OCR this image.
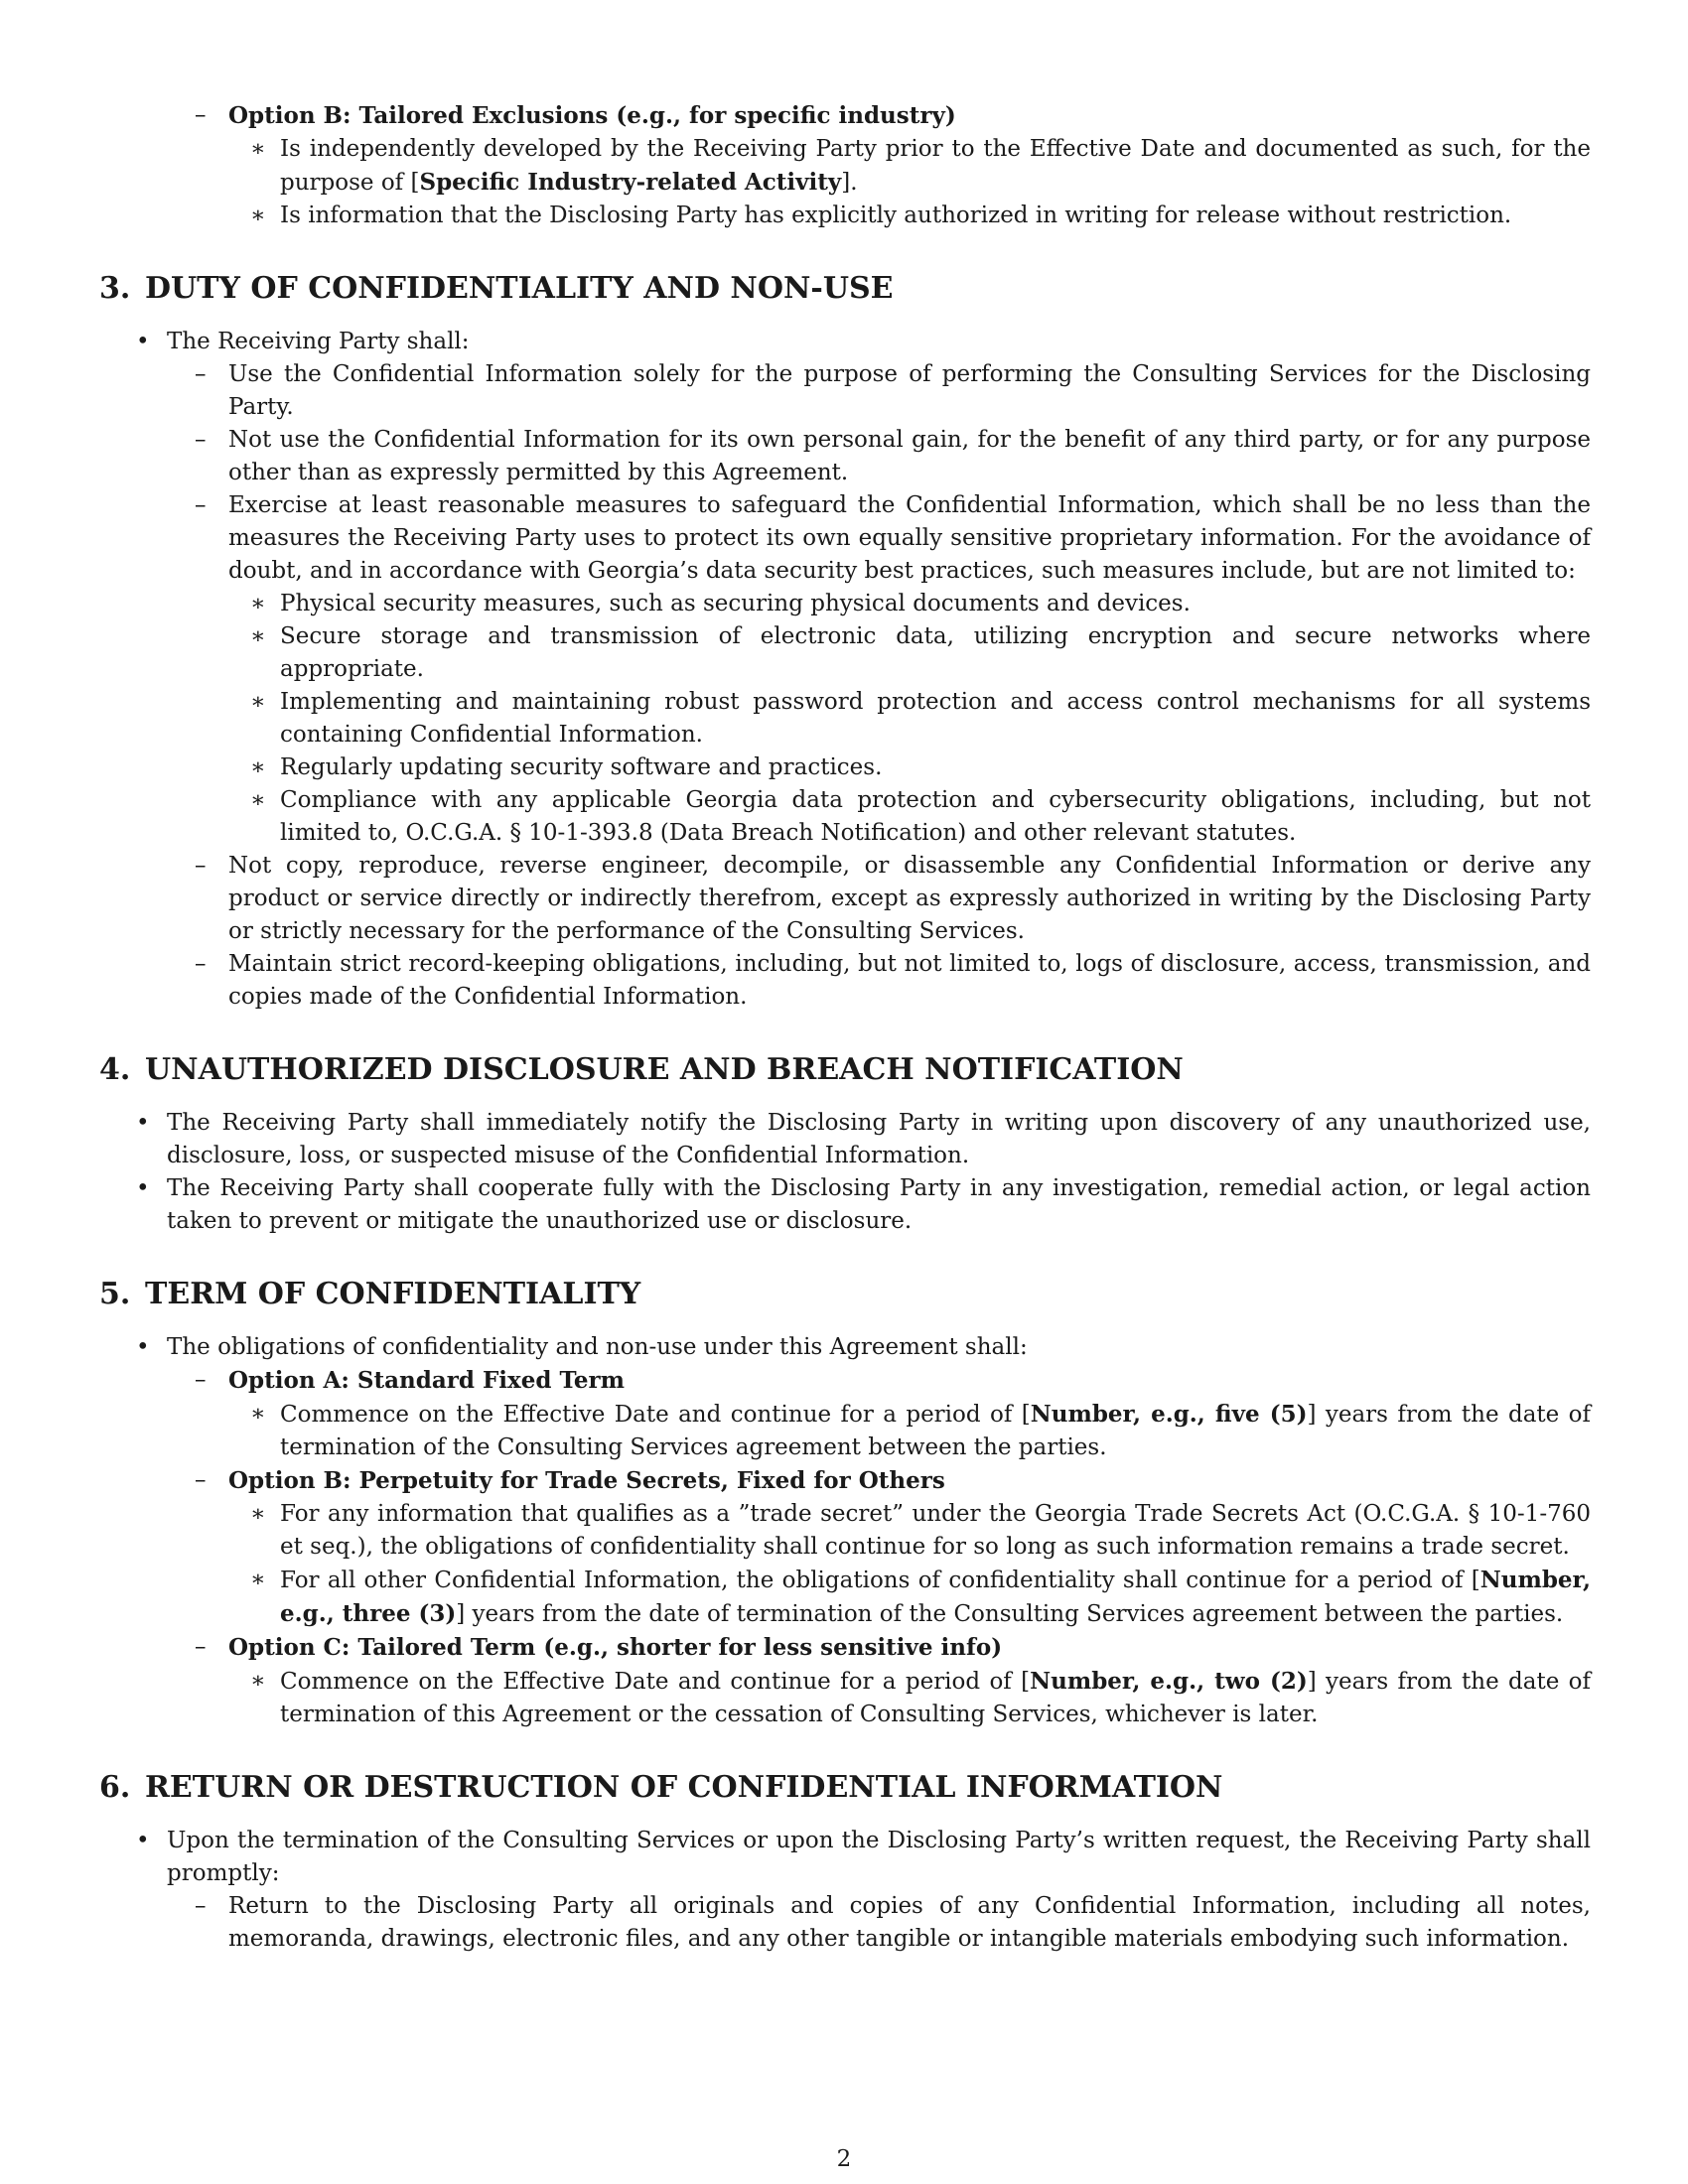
– Option B: Tailored Exclusions (e.g., for specific industry)
∗ Is independently developed by the Receiving Party prior to the Effective Date and documented as such, for the purpose of [Specific Industry-related Activity].
∗ Is information that the Disclosing Party has explicitly authorized in writing for release without restriction.
3. DUTY OF CONFIDENTIALITY AND NON-USE
• The Receiving Party shall:
– Use the Confidential Information solely for the purpose of performing the Consulting Services for the Disclosing Party.
– Not use the Confidential Information for its own personal gain, for the benefit of any third party, or for any purpose other than as expressly permitted by this Agreement.
– Exercise at least reasonable measures to safeguard the Confidential Information, which shall be no less than the measures the Receiving Party uses to protect its own equally sensitive proprietary information. For the avoidance of doubt, and in accordance with Georgia’s data security best practices, such measures include, but are not limited to:
∗ Physical security measures, such as securing physical documents and devices.
∗ Secure storage and transmission of electronic data, utilizing encryption and secure networks where appropriate.
∗ Implementing and maintaining robust password protection and access control mechanisms for all systems containing Confidential Information.
∗ Regularly updating security software and practices.
∗ Compliance with any applicable Georgia data protection and cybersecurity obligations, including, but not limited to, O.C.G.A. § 10-1-393.8 (Data Breach Notification) and other relevant statutes.
– Not copy, reproduce, reverse engineer, decompile, or disassemble any Confidential Information or derive any product or service directly or indirectly therefrom, except as expressly authorized in writing by the Disclosing Party or strictly necessary for the performance of the Consulting Services.
– Maintain strict record-keeping obligations, including, but not limited to, logs of disclosure, access, transmission, and copies made of the Confidential Information.
4. UNAUTHORIZED DISCLOSURE AND BREACH NOTIFICATION
• The Receiving Party shall immediately notify the Disclosing Party in writing upon discovery of any unauthorized use, disclosure, loss, or suspected misuse of the Confidential Information.
• The Receiving Party shall cooperate fully with the Disclosing Party in any investigation, remedial action, or legal action taken to prevent or mitigate the unauthorized use or disclosure.
5. TERM OF CONFIDENTIALITY
• The obligations of confidentiality and non-use under this Agreement shall:
– Option A: Standard Fixed Term
∗ Commence on the Effective Date and continue for a period of [Number, e.g., five (5)] years from the date of termination of the Consulting Services agreement between the parties.
– Option B: Perpetuity for Trade Secrets, Fixed for Others
∗ For any information that qualifies as a ”trade secret” under the Georgia Trade Secrets Act (O.C.G.A. § 10-1-760 et seq.), the obligations of confidentiality shall continue for so long as such information remains a trade secret.
∗ For all other Confidential Information, the obligations of confidentiality shall continue for a period of [Number, e.g., three (3)] years from the date of termination of the Consulting Services agreement between the parties.
– Option C: Tailored Term (e.g., shorter for less sensitive info)
∗ Commence on the Effective Date and continue for a period of [Number, e.g., two (2)] years from the date of termination of this Agreement or the cessation of Consulting Services, whichever is later.
6. RETURN OR DESTRUCTION OF CONFIDENTIAL INFORMATION
• Upon the termination of the Consulting Services or upon the Disclosing Party’s written request, the Receiving Party shall promptly:
– Return to the Disclosing Party all originals and copies of any Confidential Information, including all notes, memoranda, drawings, electronic files, and any other tangible or intangible materials embodying such information.
2
